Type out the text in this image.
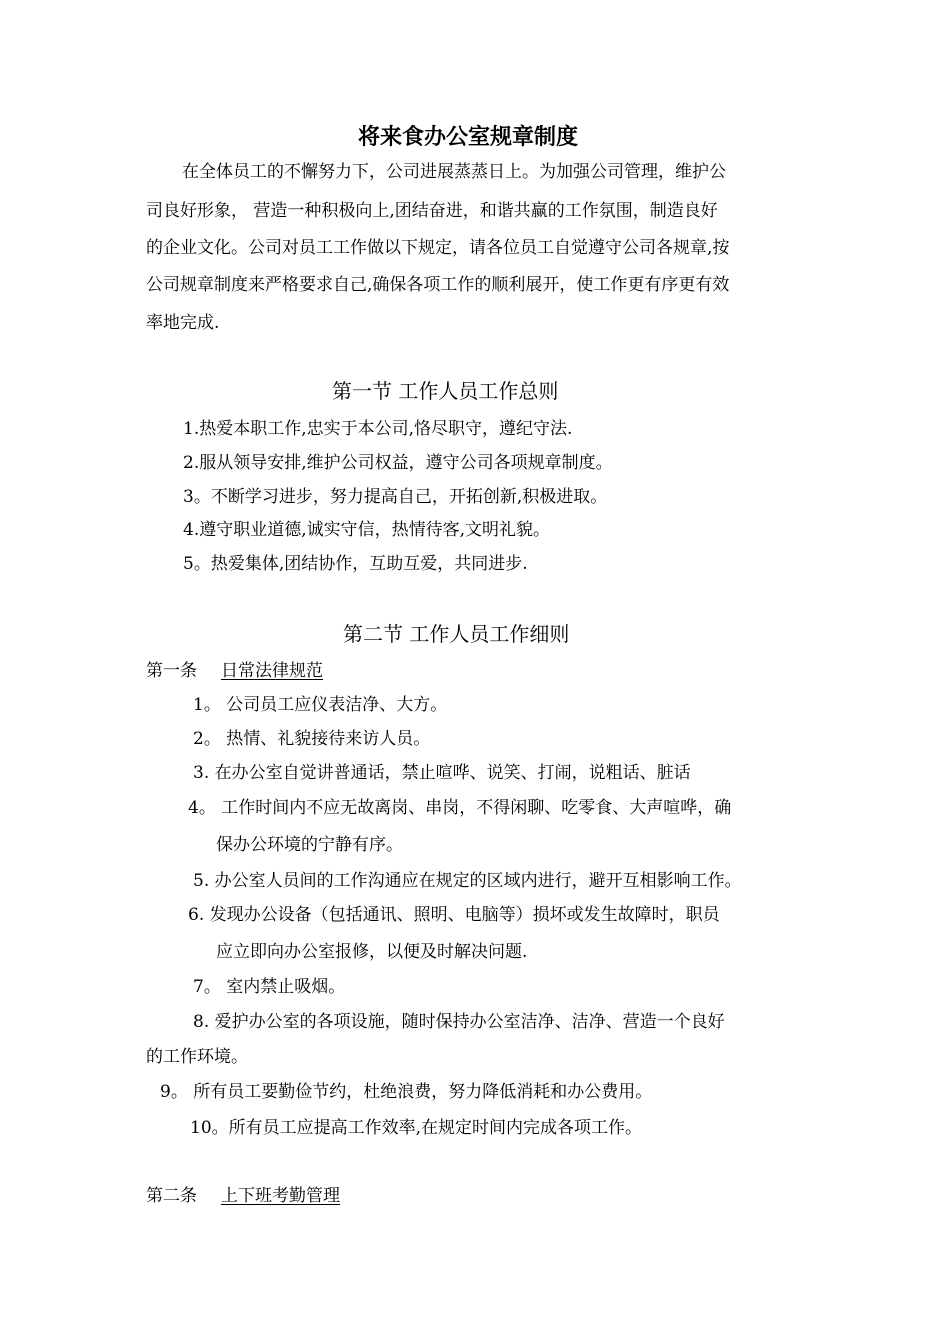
将来食办公室规章制度
在全体员工的不懈努力下，公司进展蒸蒸日上。为加强公司管理，维护公
司良好形象， 营造一种积极向上,团结奋进，和谐共赢的工作氛围，制造良好
的企业文化。公司对员工工作做以下规定，请各位员工自觉遵守公司各规章,按
公司规章制度来严格要求自己,确保各项工作的顺利展开，使工作更有序更有效
率地完成.
第一节 工作人员工作总则
1.热爱本职工作,忠实于本公司,恪尽职守，遵纪守法.
2.服从领导安排,维护公司权益，遵守公司各项规章制度。
3。不断学习进步，努力提高自己，开拓创新,积极进取。
4.遵守职业道德,诚实守信，热情待客,文明礼貌。
5。热爱集体,团结协作，互助互爱，共同进步.
第二节 工作人员工作细则
第一条 日常法律规范
1。 公司员工应仪表洁净、大方。
2。 热情、礼貌接待来访人员。
3. 在办公室自觉讲普通话，禁止喧哗、说笑、打闹，说粗话、脏话
4。 工作时间内不应无故离岗、串岗，不得闲聊、吃零食、大声喧哗，确
保办公环境的宁静有序。
5. 办公室人员间的工作沟通应在规定的区域内进行，避开互相影响工作。
6. 发现办公设备（包括通讯、照明、电脑等）损坏或发生故障时，职员
应立即向办公室报修，以便及时解决问题.
7。 室内禁止吸烟。
8. 爱护办公室的各项设施，随时保持办公室洁净、洁净、营造一个良好
的工作环境。
9。 所有员工要勤俭节约，杜绝浪费，努力降低消耗和办公费用。
10。所有员工应提高工作效率,在规定时间内完成各项工作。
第二条 上下班考勤管理
